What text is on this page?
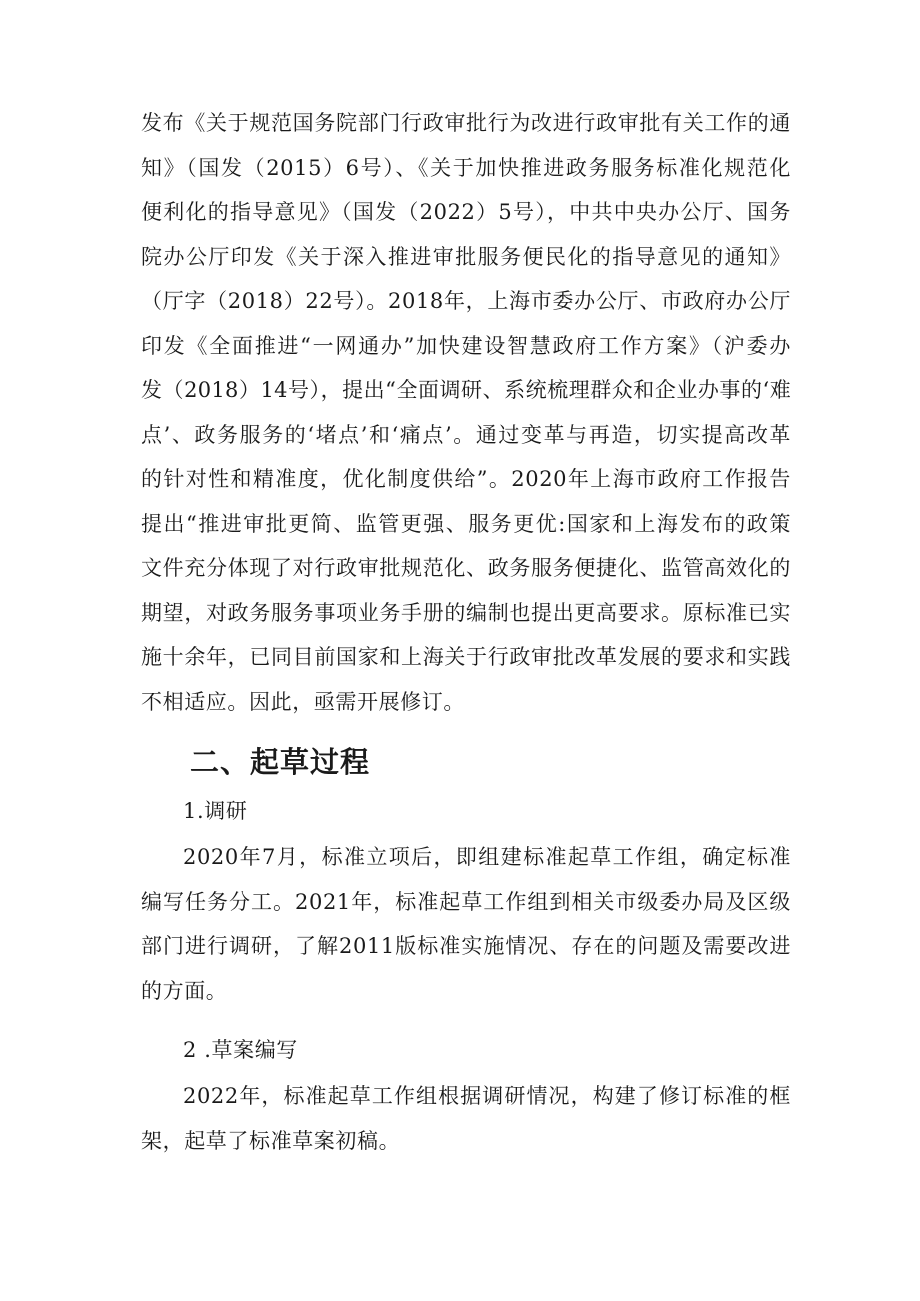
发布《关于规范国务院部门行政审批行为改进行政审批有关工作的通
知》（国发（2015）6号）、《关于加快推进政务服务标准化规范化
便利化的指导意见》（国发（2022）5号），中共中央办公厅、国务
院办公厅印发《关于深入推进审批服务便民化的指导意见的通知》
（厅字（2018）22号）。2018年，上海市委办公厅、市政府办公厅
印发《全面推进“一网通办”加快建设智慧政府工作方案》（沪委办
发（2018）14号），提出“全面调研、系统梳理群众和企业办事的‘难
点’、政务服务的‘堵点’和‘痛点’。通过变革与再造，切实提高改革
的针对性和精准度，优化制度供给”。2020年上海市政府工作报告
提出“推进审批更简、监管更强、服务更优:国家和上海发布的政策
文件充分体现了对行政审批规范化、政务服务便捷化、监管高效化的
期望，对政务服务事项业务手册的编制也提出更高要求。原标准已实
施十余年，已同目前国家和上海关于行政审批改革发展的要求和实践
不相适应。因此，亟需开展修订。
二、起草过程
1.调研
2020年7月，标准立项后，即组建标准起草工作组，确定标准
编写任务分工。2021年，标准起草工作组到相关市级委办局及区级
部门进行调研，了解2011版标准实施情况、存在的问题及需要改进
的方面。
2 .草案编写
2022年，标准起草工作组根据调研情况，构建了修订标准的框
架，起草了标准草案初稿。
